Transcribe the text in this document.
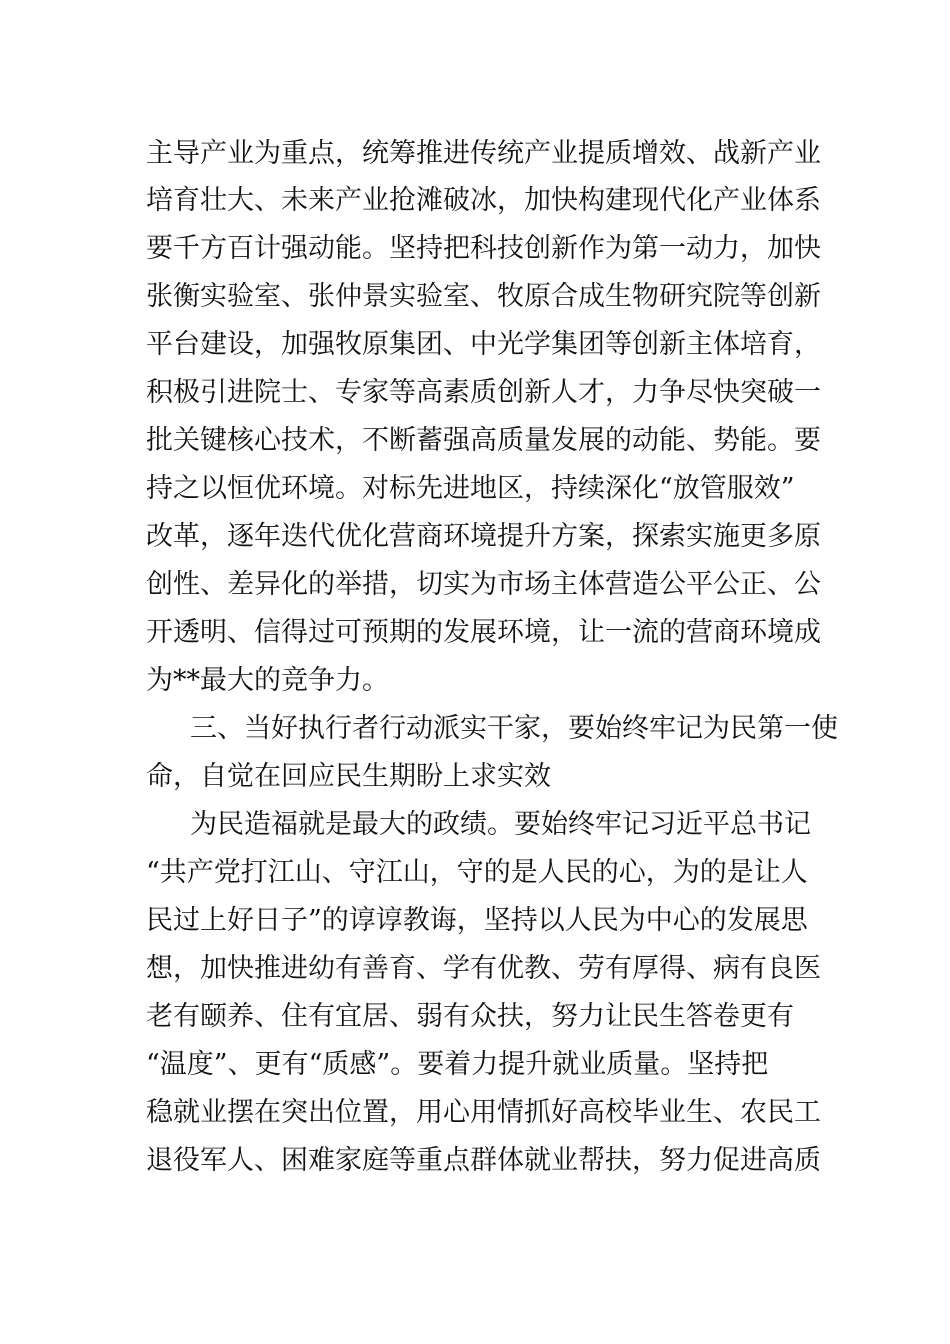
主导产业为重点，统筹推进传统产业提质增效、战新产业
培育壮大、未来产业抢滩破冰，加快构建现代化产业体系
要千方百计强动能。坚持把科技创新作为第一动力，加快
张衡实验室、张仲景实验室、牧原合成生物研究院等创新
平台建设，加强牧原集团、中光学集团等创新主体培育，
积极引进院士、专家等高素质创新人才，力争尽快突破一
批关键核心技术，不断蓄强高质量发展的动能、势能。要
持之以恒优环境。对标先进地区，持续深化“放管服效”
改革，逐年迭代优化营商环境提升方案，探索实施更多原
创性、差异化的举措，切实为市场主体营造公平公正、公
开透明、信得过可预期的发展环境，让一流的营商环境成
为**最大的竞争力。
三、当好执行者行动派实干家，要始终牢记为民第一使
命，自觉在回应民生期盼上求实效
为民造福就是最大的政绩。要始终牢记习近平总书记
“共产党打江山、守江山，守的是人民的心，为的是让人
民过上好日子”的谆谆教诲，坚持以人民为中心的发展思
想，加快推进幼有善育、学有优教、劳有厚得、病有良医
老有颐养、住有宜居、弱有众扶，努力让民生答卷更有
“温度”、更有“质感”。要着力提升就业质量。坚持把
稳就业摆在突出位置，用心用情抓好高校毕业生、农民工
退役军人、困难家庭等重点群体就业帮扶，努力促进高质
